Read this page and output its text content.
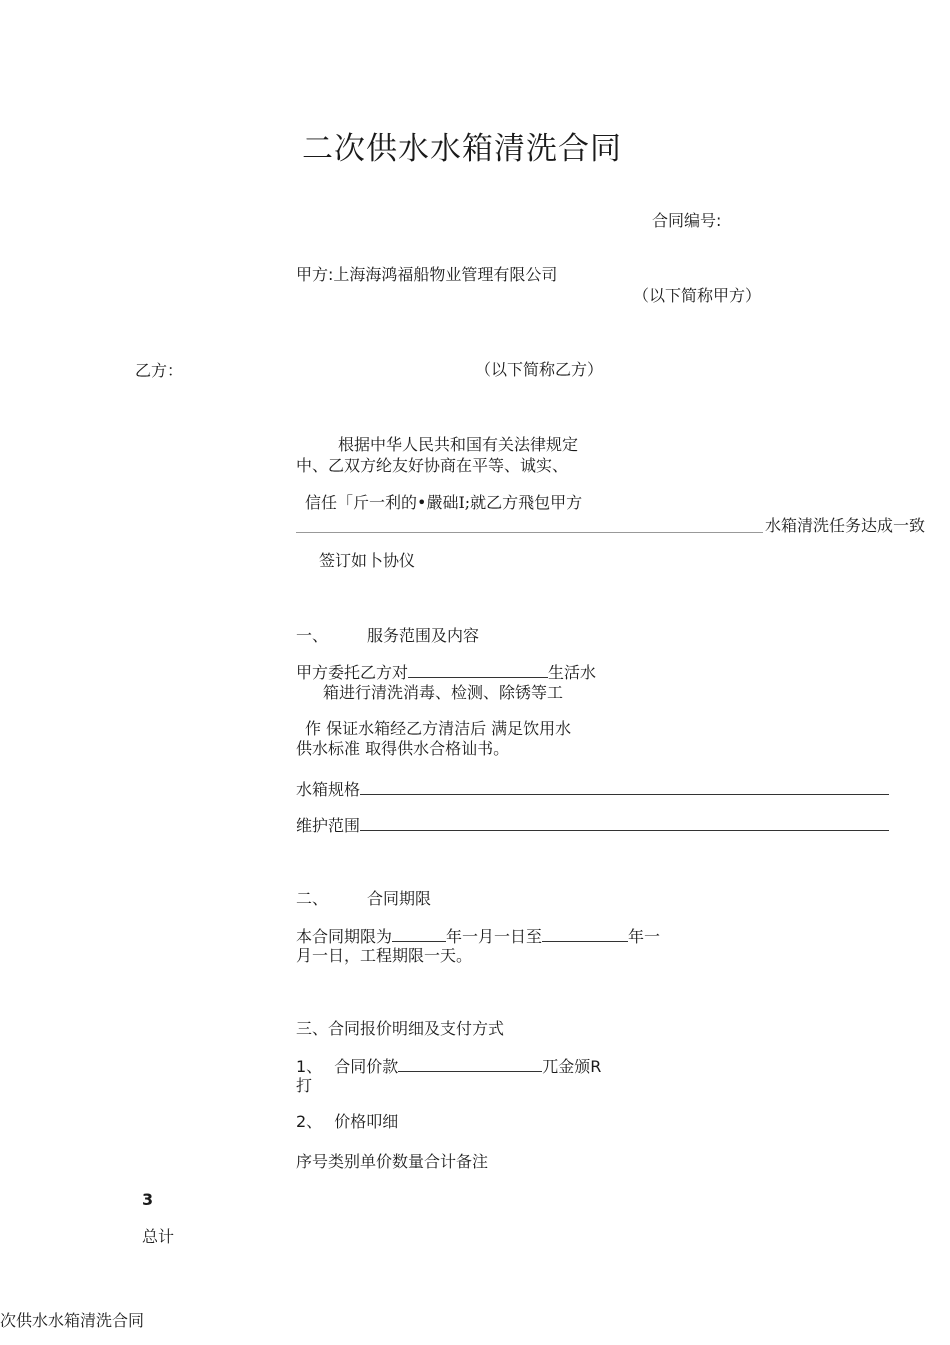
二次供水水箱清洗合同
合同编号:
甲方:上海海鸿福船物业管理有限公司
（以下简称甲方）
乙方：	（以下简称乙方）
根据中华人民共和国有关法律规定
中、乙双方纶友好协商在平等、诚实、
信任「斤一利的•嚴础Ⅰ;就乙方飛包甲方
水箱清洗任务达成一致
签订如卜协仪
一、 服务范围及内容
甲方委托乙方对	生活水
箱进行清洗消毒、检测、除锈等工
作 保证水箱经乙方清洁后 满足饮用水
供水标准 取得供水合格讪书。
水箱规格
维护范围
二、 合同期限
本合同期限为	年一月一日至	年一
月一日，工程期限一天。
三、合同报价明细及支付方式
1、 合同价款	兀金颁R
打
2、 价格叩细
序号类别单价数量合计备注
3
总计
次供水水箱清洗合同
